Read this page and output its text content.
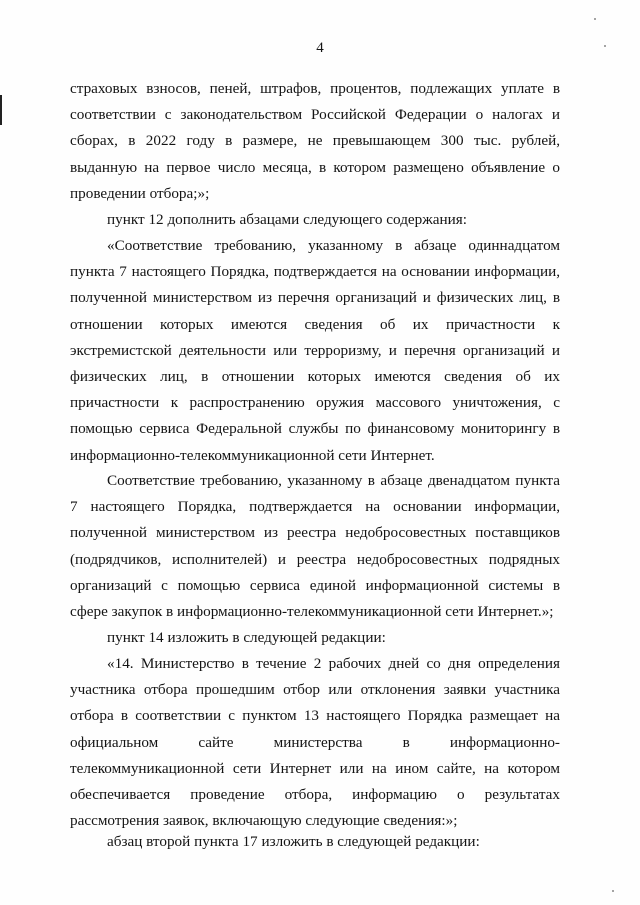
4

страховых взносов, пеней, штрафов, процентов, подлежащих уплате в соответствии с законодательством Российской Федерации о налогах и сборах, в 2022 году в размере, не превышающем 300 тыс. рублей, выданную на первое число месяца, в котором размещено объявление о проведении отбора;»;

пункт 12 дополнить абзацами следующего содержания:

«Соответствие требованию, указанному в абзаце одиннадцатом пункта 7 настоящего Порядка, подтверждается на основании информации, полученной министерством из перечня организаций и физических лиц, в отношении которых имеются сведения об их причастности к экстремистской деятельности или терроризму, и перечня организаций и физических лиц, в отношении которых имеются сведения об их причастности к распространению оружия массового уничтожения, с помощью сервиса Федеральной службы по финансовому мониторингу в информационно-телекоммуникационной сети Интернет.

Соответствие требованию, указанному в абзаце двенадцатом пункта 7 настоящего Порядка, подтверждается на основании информации, полученной министерством из реестра недобросовестных поставщиков (подрядчиков, исполнителей) и реестра недобросовестных подрядных организаций с помощью сервиса единой информационной системы в сфере закупок в информационно-телекоммуникационной сети Интернет.»;

пункт 14 изложить в следующей редакции:

«14. Министерство в течение 2 рабочих дней со дня определения участника отбора прошедшим отбор или отклонения заявки участника отбора в соответствии с пунктом 13 настоящего Порядка размещает на официальном сайте министерства в информационно-телекоммуникационной сети Интернет или на ином сайте, на котором обеспечивается проведение отбора, информацию о результатах рассмотрения заявок, включающую следующие сведения:»;

абзац второй пункта 17 изложить в следующей редакции:
